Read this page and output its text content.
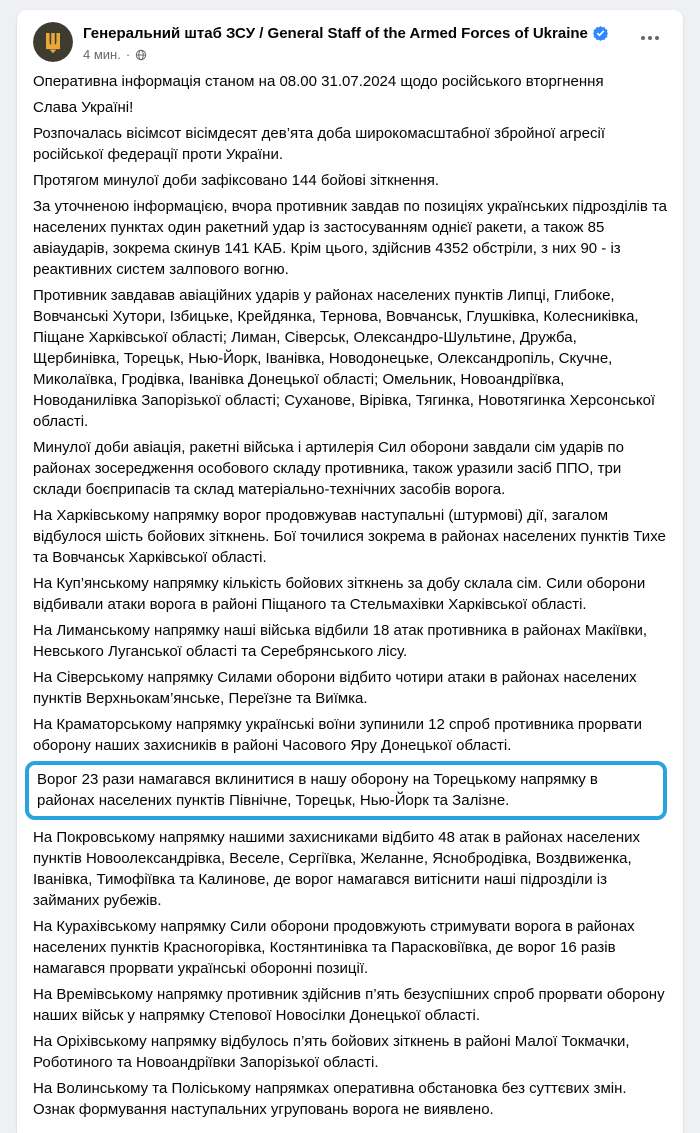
Генеральний штаб ЗСУ / General Staff of the Armed Forces of Ukraine
4 мин. ·

Оперативна інформація станом на 08.00 31.07.2024 щодо російського вторгнення

Слава Україні!

Розпочалась вісімсот вісімдесят дев’ята доба широкомасштабної збройної агресії російської федерації проти України.

Протягом минулої доби зафіксовано 144 бойові зіткнення.

За уточненою інформацією, вчора противник завдав по позиціях українських підрозділів та населених пунктах один ракетний удар із застосуванням однієї ракети, а також 85 авіаударів, зокрема скинув 141 КАБ. Крім цього, здійснив 4352 обстріли, з них 90 - із реактивних систем залпового вогню.

Противник завдавав авіаційних ударів у районах населених пунктів Липці, Глибоке, Вовчанські Хутори, Ізбицьке, Крейдянка, Тернова, Вовчанськ, Глушківка, Колесниківка, Піщане Харківської області; Лиман, Сіверськ, Олександро-Шультине, Дружба, Щербинівка, Торецьк, Нью-Йорк, Іванівка, Новодонецьке, Олександропіль, Скучне, Миколаївка, Гродівка, Іванівка Донецької області; Омельник, Новоандріївка, Новоданилівка Запорізької області; Суханове, Вірівка, Тягинка, Новотягинка Херсонської області.

Минулої доби авіація, ракетні війська і артилерія Сил оборони завдали сім ударів по районах зосередження особового складу противника, також уразили засіб ППО, три склади боєприпасів та склад матеріально-технічних засобів ворога.

На Харківському напрямку ворог продовжував наступальні (штурмові) дії, загалом відбулося шість бойових зіткнень. Бої точилися зокрема в районах населених пунктів Тихе та Вовчанськ Харківської області.

На Куп’янському напрямку кількість бойових зіткнень за добу склала сім. Сили оборони відбивали атаки ворога в районі Піщаного та Стельмахівки Харківської області.

На Лиманському напрямку наші війська відбили 18 атак противника в районах Макіївки, Невського Луганської області та Серебрянського лісу.

На Сіверському напрямку Силами оборони відбито чотири атаки в районах населених пунктів Верхньокам’янське, Переїзне та Виїмка.

На Краматорському напрямку українські воїни зупинили 12 спроб противника прорвати оборону наших захисників в районі Часового Яру Донецької області.

Ворог 23 рази намагався вклинитися в нашу оборону на Торецькому напрямку в районах населених пунктів Північне, Торецьк, Нью-Йорк та Залізне.

На Покровському напрямку нашими захисниками відбито 48 атак в районах населених пунктів Новоолександрівка, Веселе, Сергіївка, Желанне, Яснобродівка, Воздвиженка, Іванівка, Тимофіївка та Калинове, де ворог намагався витіснити наші підрозділи із займаних рубежів.

На Курахівському напрямку Сили оборони продовжують стримувати ворога в районах населених пунктів Красногорівка, Костянтинівка та Парасковіївка, де ворог 16 разів намагався прорвати українські оборонні позиції.

На Времівському напрямку противник здійснив п’ять безуспішних спроб прорвати оборону наших військ у напрямку Степової Новосілки Донецької області.

На Оріхівському напрямку відбулось п’ять бойових зіткнень в районі Малої Токмачки, Роботиного та Новоандріївки Запорізької області.

На Волинському та Поліському напрямках оперативна обстановка без суттєвих змін. Ознак формування наступальних угруповань ворога не виявлено.
